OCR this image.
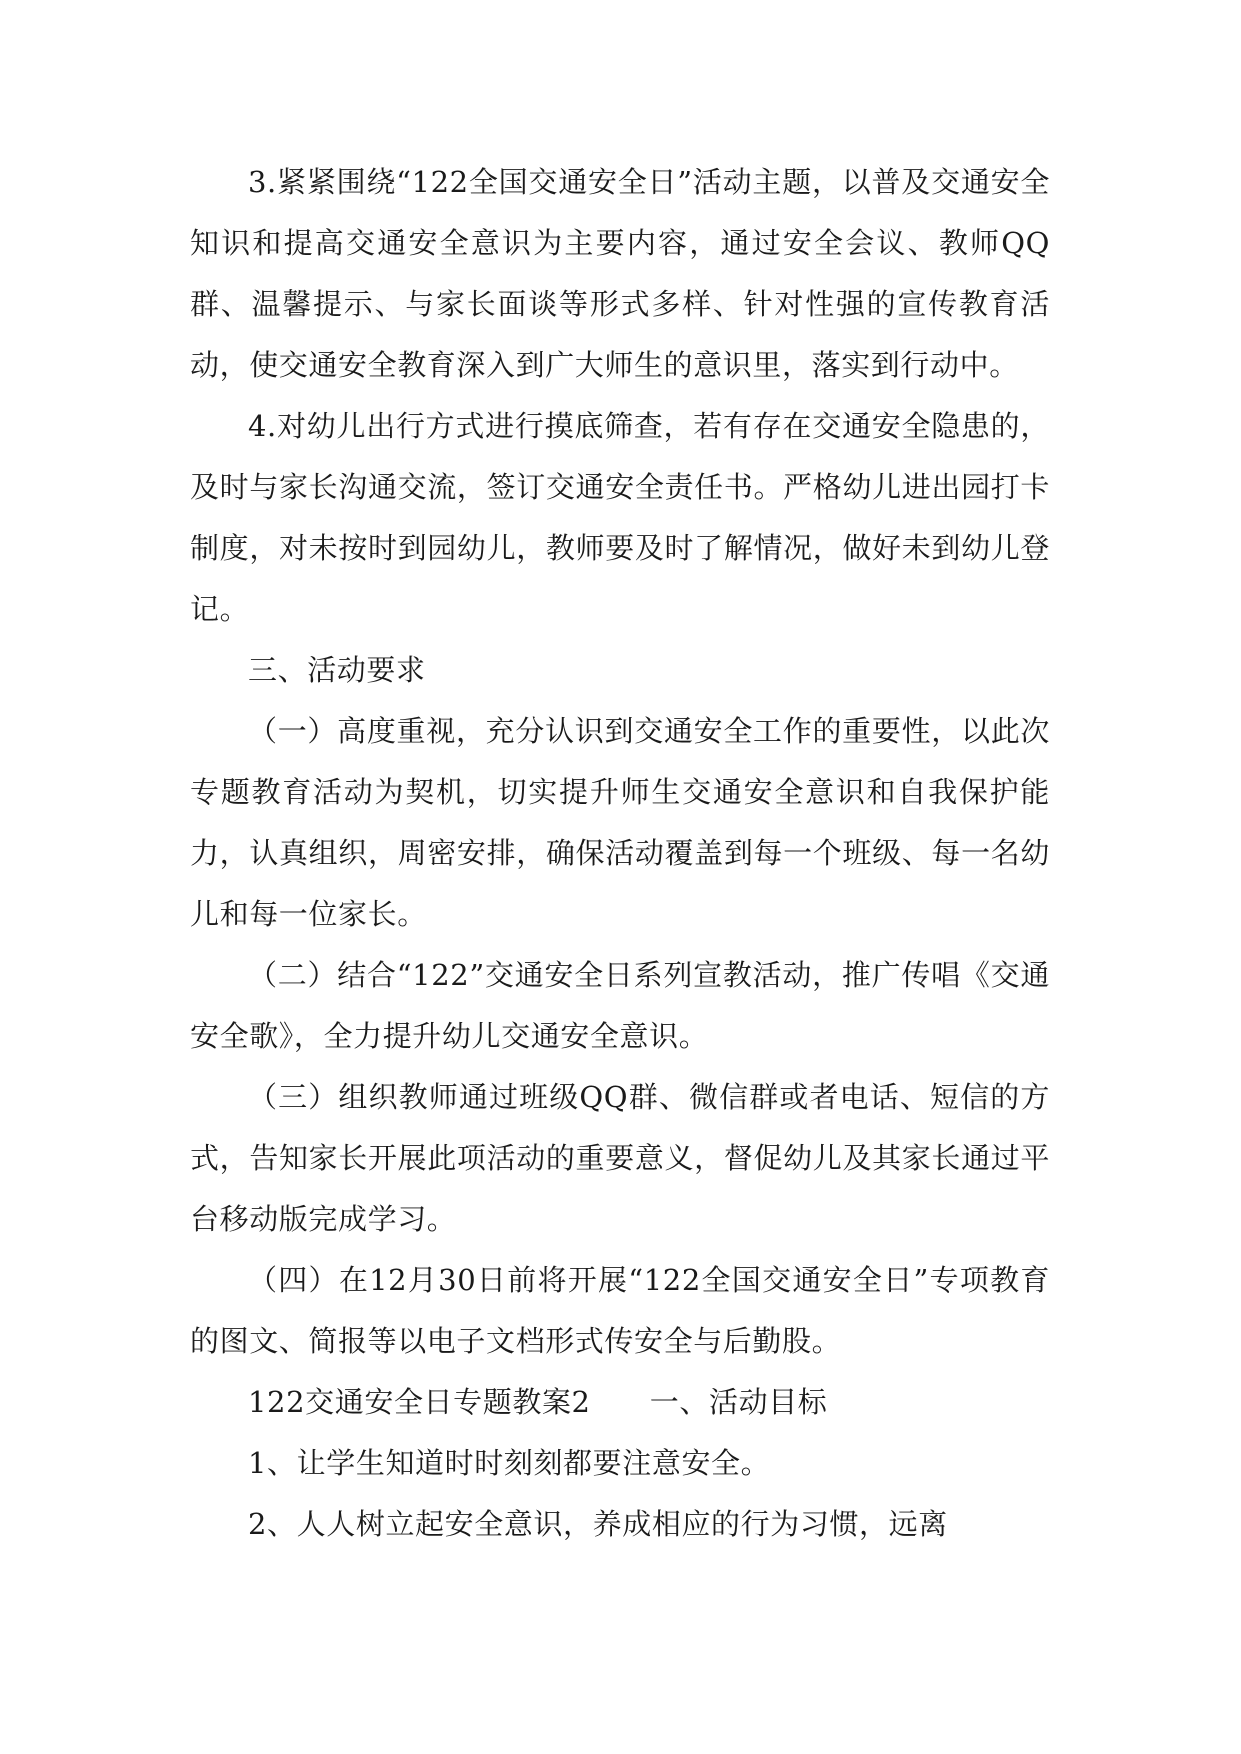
3.紧紧围绕“122全国交通安全日”活动主题，以普及交通安全知识和提高交通安全意识为主要内容，通过安全会议、教师QQ群、温馨提示、与家长面谈等形式多样、针对性强的宣传教育活动，使交通安全教育深入到广大师生的意识里，落实到行动中。

4.对幼儿出行方式进行摸底筛查，若有存在交通安全隐患的，及时与家长沟通交流，签订交通安全责任书。严格幼儿进出园打卡制度，对未按时到园幼儿，教师要及时了解情况，做好未到幼儿登记。

三、活动要求

（一）高度重视，充分认识到交通安全工作的重要性，以此次专题教育活动为契机，切实提升师生交通安全意识和自我保护能力，认真组织，周密安排，确保活动覆盖到每一个班级、每一名幼儿和每一位家长。

（二）结合“122”交通安全日系列宣教活动，推广传唱《交通安全歌》，全力提升幼儿交通安全意识。

（三）组织教师通过班级QQ群、微信群或者电话、短信的方式，告知家长开展此项活动的重要意义，督促幼儿及其家长通过平台移动版完成学习。

（四）在12月30日前将开展“122全国交通安全日”专项教育的图文、简报等以电子文档形式传安全与后勤股。

122交通安全日专题教案2　　一、活动目标

1、让学生知道时时刻刻都要注意安全。

2、人人树立起安全意识，养成相应的行为习惯，远离
